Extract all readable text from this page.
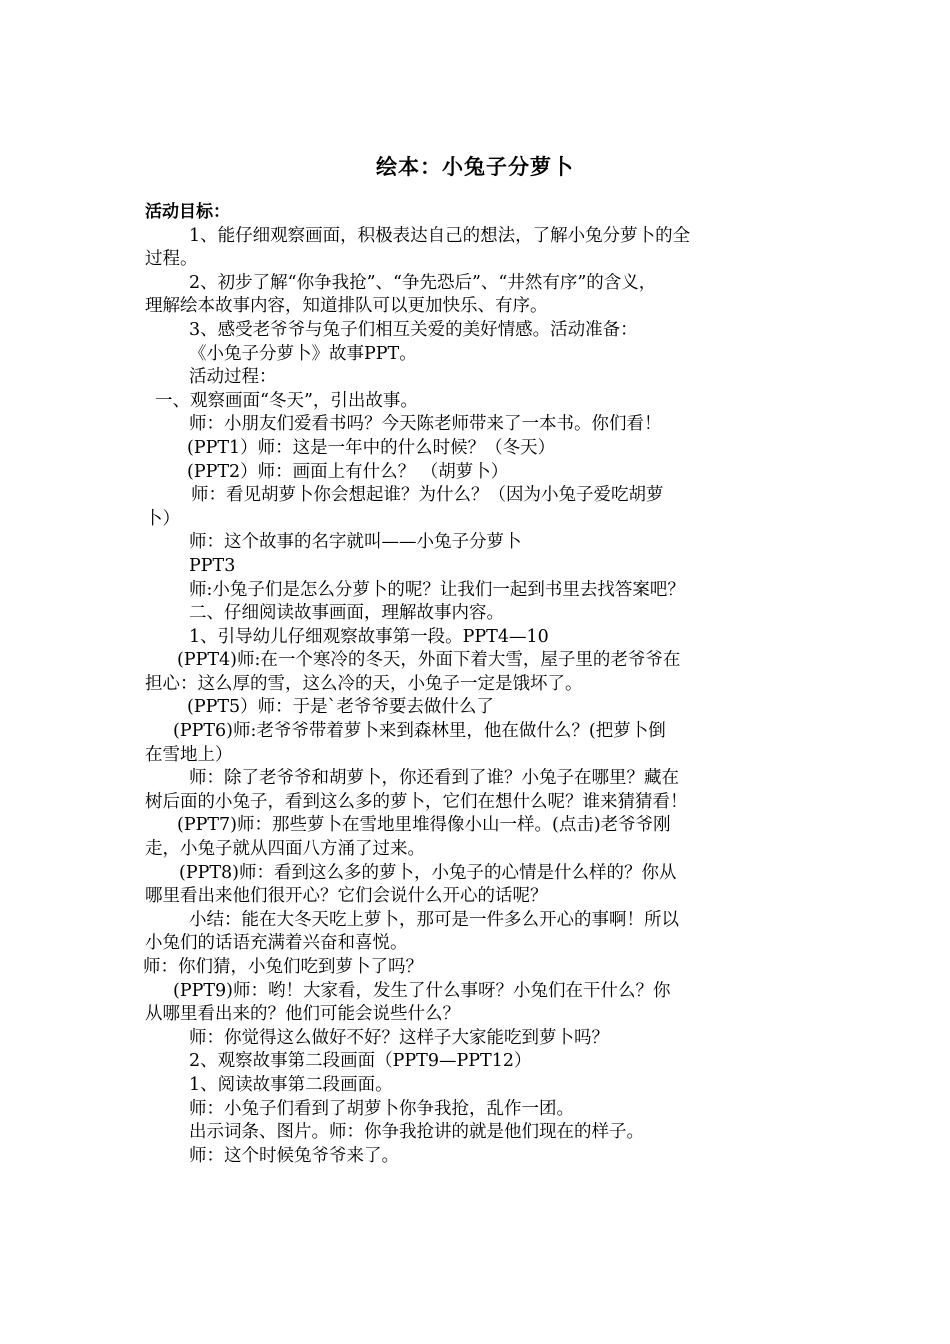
绘本：小兔子分萝卜
活动目标：
1、能仔细观察画面，积极表达自己的想法，了解小兔分萝卜的全
过程。
2、初步了解“你争我抢”、“争先恐后”、“井然有序”的含义，
理解绘本故事内容，知道排队可以更加快乐、有序。
3、感受老爷爷与兔子们相互关爱的美好情感。活动准备：
《小兔子分萝卜》故事PPT。
活动过程：
一、观察画面“冬天”，引出故事。
师：小朋友们爱看书吗？今天陈老师带来了一本书。你们看！
(PPT1）师：这是一年中的什么时候？（冬天）
(PPT2）师：画面上有什么？ （胡萝卜）
师：看见胡萝卜你会想起谁？为什么？（因为小兔子爱吃胡萝
卜）
师：这个故事的名字就叫——小兔子分萝卜
PPT3
师:小兔子们是怎么分萝卜的呢？让我们一起到书里去找答案吧？
二、仔细阅读故事画面，理解故事内容。
1、引导幼儿仔细观察故事第一段。PPT4—10
(PPT4)师:在一个寒冷的冬天，外面下着大雪，屋子里的老爷爷在
担心：这么厚的雪，这么冷的天，小兔子一定是饿坏了。
(PPT5）师：于是`老爷爷要去做什么了
(PPT6)师:老爷爷带着萝卜来到森林里，他在做什么？(把萝卜倒
在雪地上）
师：除了老爷爷和胡萝卜，你还看到了谁？小兔子在哪里？藏在
树后面的小兔子，看到这么多的萝卜，它们在想什么呢？谁来猜猜看！
(PPT7)师：那些萝卜在雪地里堆得像小山一样。(点击)老爷爷刚
走，小兔子就从四面八方涌了过来。
(PPT8)师：看到这么多的萝卜，小兔子的心情是什么样的？你从
哪里看出来他们很开心？它们会说什么开心的话呢？
小结：能在大冬天吃上萝卜，那可是一件多么开心的事啊！所以
小兔们的话语充满着兴奋和喜悦。
师：你们猜，小兔们吃到萝卜了吗？
(PPT9)师：哟！大家看，发生了什么事呀？小兔们在干什么？你
从哪里看出来的？他们可能会说些什么？
师：你觉得这么做好不好？这样子大家能吃到萝卜吗？
2、观察故事第二段画面（PPT9—PPT12）
1、阅读故事第二段画面。
师：小兔子们看到了胡萝卜你争我抢，乱作一团。
出示词条、图片。师：你争我抢讲的就是他们现在的样子。
师：这个时候兔爷爷来了。
